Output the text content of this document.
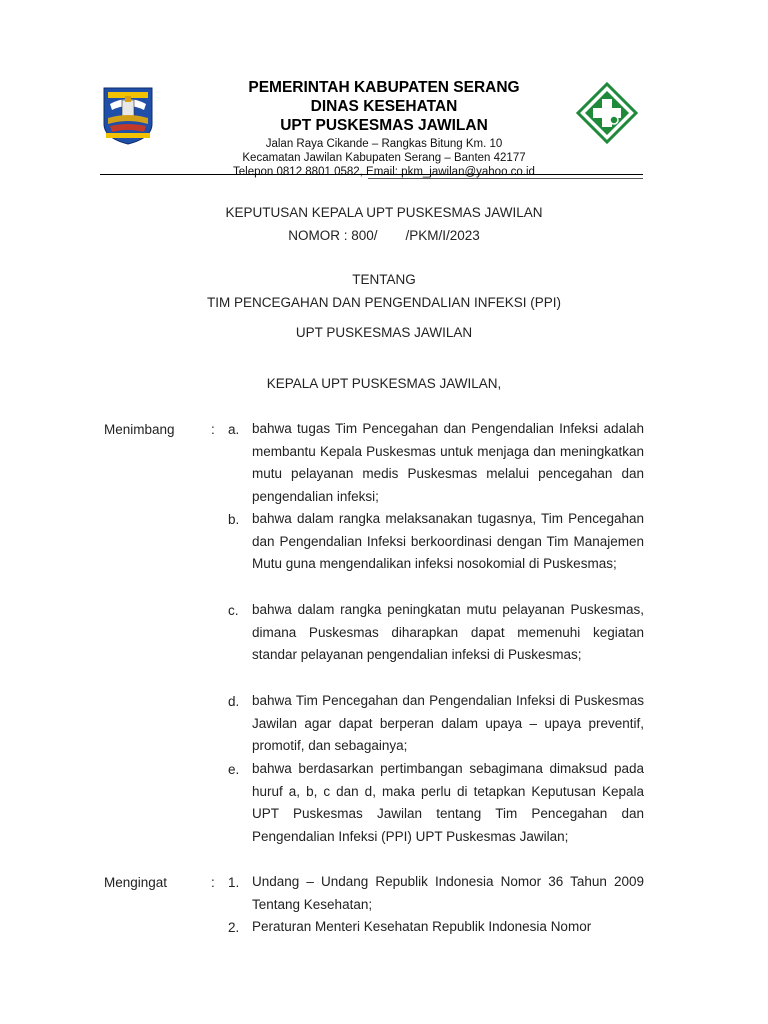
PEMERINTAH KABUPATEN SERANG
DINAS KESEHATAN
UPT PUSKESMAS JAWILAN
Jalan Raya Cikande – Rangkas Bitung Km. 10
Kecamatan Jawilan Kabupaten Serang – Banten 42177
Telepon 0812 8801 0582, Email: pkm_jawilan@yahoo.co.id
KEPUTUSAN KEPALA UPT PUSKESMAS JAWILAN
NOMOR : 800/ /PKM/I/2023
TENTANG
TIM PENCEGAHAN DAN PENGENDALIAN INFEKSI (PPI)
UPT PUSKESMAS JAWILAN
KEPALA UPT PUSKESMAS JAWILAN,
Menimbang	: a. bahwa tugas Tim Pencegahan dan Pengendalian Infeksi adalah membantu Kepala Puskesmas untuk menjaga dan meningkatkan mutu pelayanan medis Puskesmas melalui pencegahan dan pengendalian infeksi;
b. bahwa dalam rangka melaksanakan tugasnya, Tim Pencegahan dan Pengendalian Infeksi berkoordinasi dengan Tim Manajemen Mutu guna mengendalikan infeksi nosokomial di Puskesmas;
c. bahwa dalam rangka peningkatan mutu pelayanan Puskesmas, dimana Puskesmas diharapkan dapat memenuhi kegiatan standar pelayanan pengendalian infeksi di Puskesmas;
d. bahwa Tim Pencegahan dan Pengendalian Infeksi di Puskesmas Jawilan agar dapat berperan dalam upaya – upaya preventif, promotif, dan sebagainya;
e. bahwa berdasarkan pertimbangan sebagimana dimaksud pada huruf a, b, c dan d, maka perlu di tetapkan Keputusan Kepala UPT Puskesmas Jawilan tentang Tim Pencegahan dan Pengendalian Infeksi (PPI) UPT Puskesmas Jawilan;
Mengingat	: 1. Undang – Undang Republik Indonesia Nomor 36 Tahun 2009 Tentang Kesehatan;
2. Peraturan Menteri Kesehatan Republik Indonesia Nomor
